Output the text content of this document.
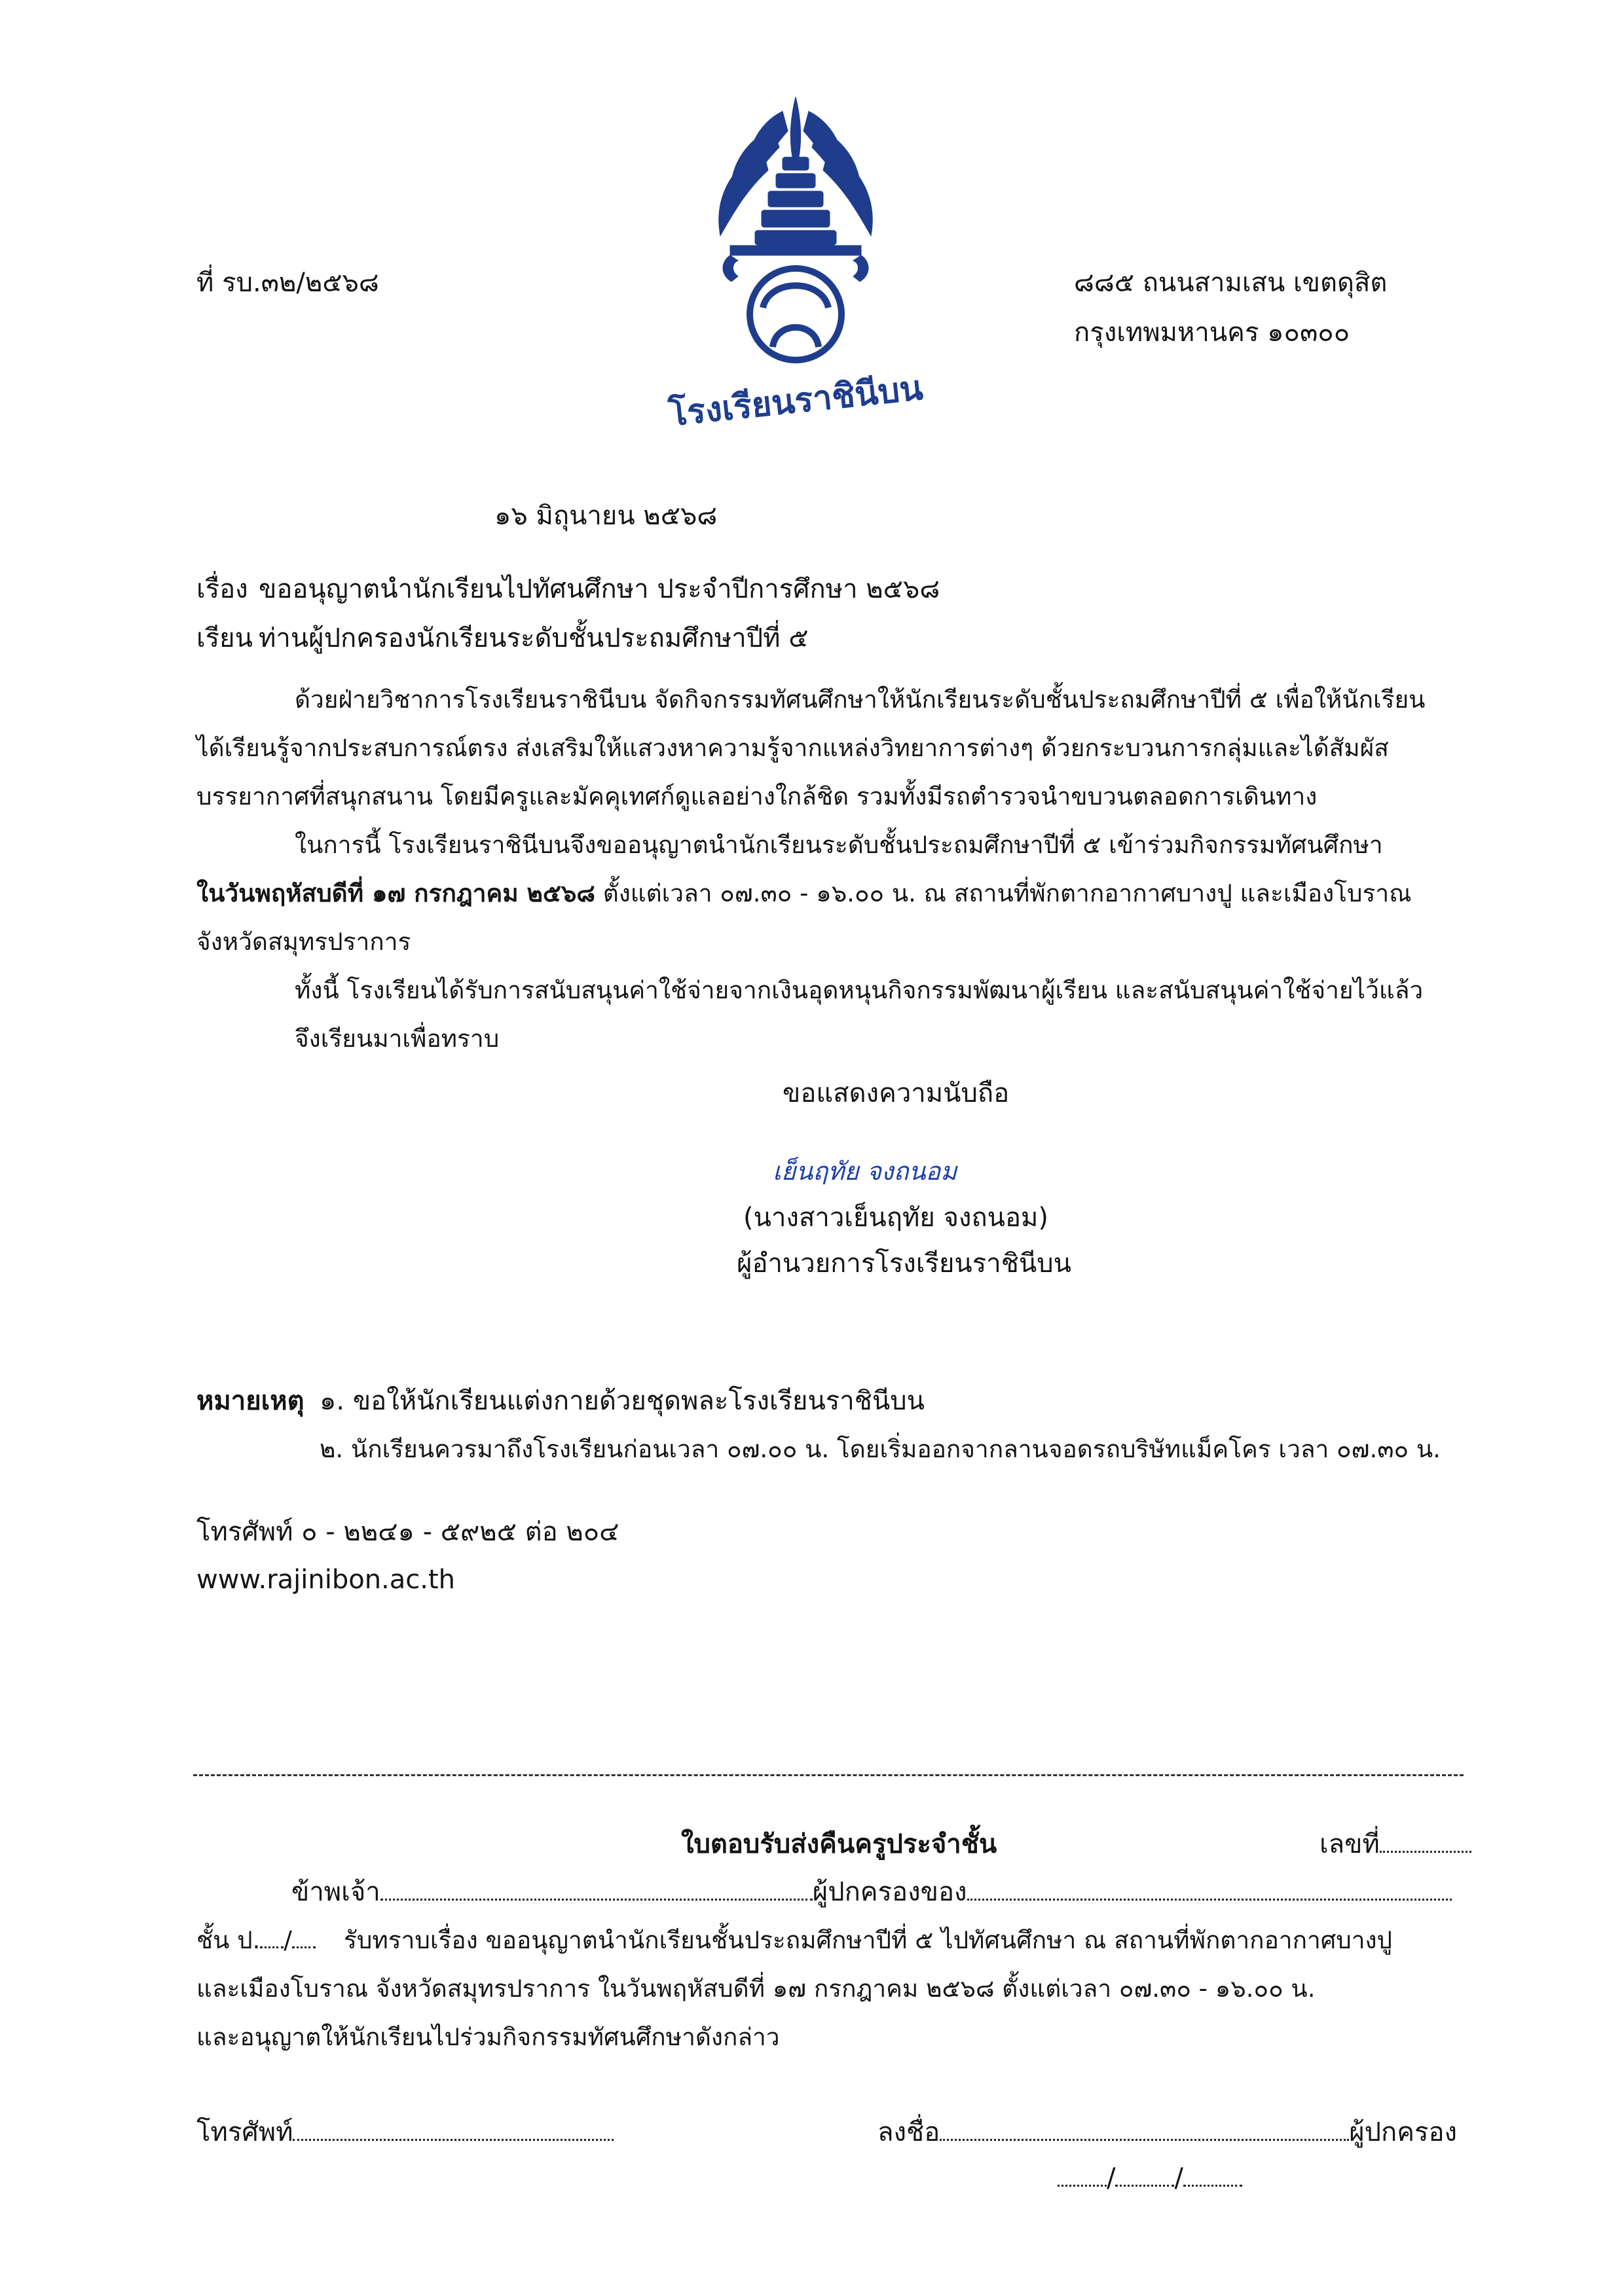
ที่ รบ.๓๒/๒๕๖๘
โรงเรียนราชินีบน
๘๘๕ ถนนสามเสน เขตดุสิต
กรุงเทพมหานคร ๑๐๓๐๐
๑๖ มิถุนายน ๒๕๖๘
เรื่อง ขออนุญาตนำนักเรียนไปทัศนศึกษา ประจำปีการศึกษา ๒๕๖๘
เรียน ท่านผู้ปกครองนักเรียนระดับชั้นประถมศึกษาปีที่ ๕
ด้วยฝ่ายวิชาการโรงเรียนราชินีบน จัดกิจกรรมทัศนศึกษาให้นักเรียนระดับชั้นประถมศึกษาปีที่ ๕ เพื่อให้นักเรียน
ได้เรียนรู้จากประสบการณ์ตรง ส่งเสริมให้แสวงหาความรู้จากแหล่งวิทยาการต่างๆ ด้วยกระบวนการกลุ่มและได้สัมผัส
บรรยากาศที่สนุกสนาน โดยมีครูและมัคคุเทศก์ดูแลอย่างใกล้ชิด รวมทั้งมีรถตำรวจนำขบวนตลอดการเดินทาง
ในการนี้ โรงเรียนราชินีบนจึงขออนุญาตนำนักเรียนระดับชั้นประถมศึกษาปีที่ ๕ เข้าร่วมกิจกรรมทัศนศึกษา
ในวันพฤหัสบดีที่ ๑๗ กรกฎาคม ๒๕๖๘ ตั้งแต่เวลา ๐๗.๓๐ - ๑๖.๐๐ น. ณ สถานที่พักตากอากาศบางปู และเมืองโบราณ
จังหวัดสมุทรปราการ
ทั้งนี้ โรงเรียนได้รับการสนับสนุนค่าใช้จ่ายจากเงินอุดหนุนกิจกรรมพัฒนาผู้เรียน และสนับสนุนค่าใช้จ่ายไว้แล้ว
จึงเรียนมาเพื่อทราบ
ขอแสดงความนับถือ
เย็นฤทัย จงถนอม
(นางสาวเย็นฤทัย จงถนอม)
ผู้อำนวยการโรงเรียนราชินีบน
หมายเหตุ ๑. ขอให้นักเรียนแต่งกายด้วยชุดพละโรงเรียนราชินีบน
๒. นักเรียนควรมาถึงโรงเรียนก่อนเวลา ๐๗.๐๐ น. โดยเริ่มออกจากลานจอดรถบริษัทแม็คโคร เวลา ๐๗.๓๐ น.
โทรศัพท์ ๐ - ๒๒๔๑ - ๕๙๒๕ ต่อ ๒๐๔
www.rajinibon.ac.th
ใบตอบรับส่งคืนครูประจำชั้น	เลขที่
ข้าพเจ้า	ผู้ปกครองของ
ชั้น ป. /	รับทราบเรื่อง ขออนุญาตนำนักเรียนชั้นประถมศึกษาปีที่ ๕ ไปทัศนศึกษา ณ สถานที่พักตากอากาศบางปู
และเมืองโบราณ จังหวัดสมุทรปราการ ในวันพฤหัสบดีที่ ๑๗ กรกฎาคม ๒๕๖๘ ตั้งแต่เวลา ๐๗.๓๐ - ๑๖.๐๐ น.
และอนุญาตให้นักเรียนไปร่วมกิจกรรมทัศนศึกษาดังกล่าว
โทรศัพท์	ลงชื่อ	ผู้ปกครอง
/ /
